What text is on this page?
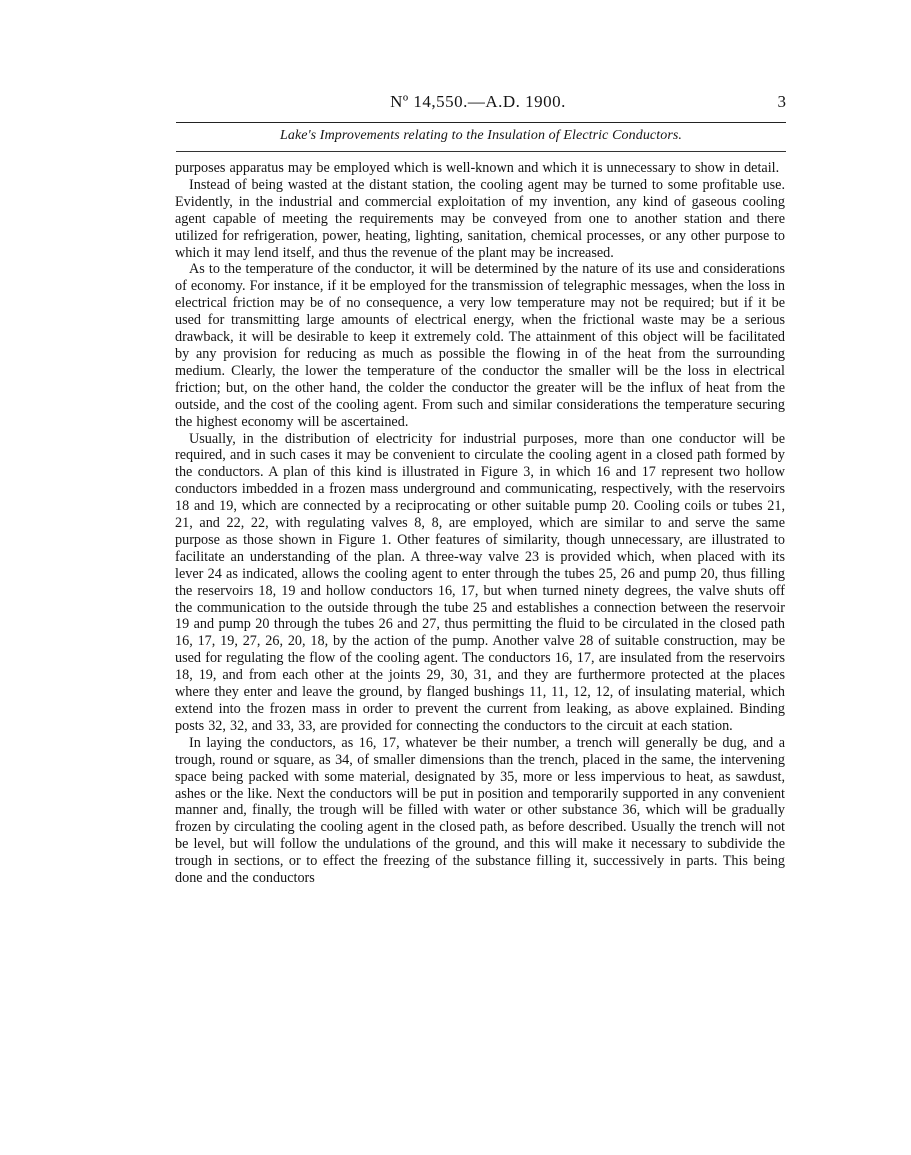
Nº 14,550.—A.D. 1900.	3
Lake's Improvements relating to the Insulation of Electric Conductors.

purposes apparatus may be employed which is well-known and which it is unnecessary to show in detail.

Instead of being wasted at the distant station, the cooling agent may be turned to some profitable use. Evidently, in the industrial and commercial exploitation of my invention, any kind of gaseous cooling agent capable of meeting the requirements may be conveyed from one to another station and there utilized for refrigeration, power, heating, lighting, sanitation, chemical processes, or any other purpose to which it may lend itself, and thus the revenue of the plant may be increased.

As to the temperature of the conductor, it will be determined by the nature of its use and considerations of economy. For instance, if it be employed for the transmission of telegraphic messages, when the loss in electrical friction may be of no consequence, a very low temperature may not be required; but if it be used for transmitting large amounts of electrical energy, when the frictional waste may be a serious drawback, it will be desirable to keep it extremely cold. The attainment of this object will be facilitated by any provision for reducing as much as possible the flowing in of the heat from the surrounding medium. Clearly, the lower the temperature of the conductor the smaller will be the loss in electrical friction; but, on the other hand, the colder the conductor the greater will be the influx of heat from the outside, and the cost of the cooling agent. From such and similar considerations the temperature securing the highest economy will be ascertained.

Usually, in the distribution of electricity for industrial purposes, more than one conductor will be required, and in such cases it may be convenient to circulate the cooling agent in a closed path formed by the conductors. A plan of this kind is illustrated in Figure 3, in which 16 and 17 represent two hollow conductors imbedded in a frozen mass underground and communicating, respectively, with the reservoirs 18 and 19, which are connected by a reciprocating or other suitable pump 20. Cooling coils or tubes 21, 21, and 22, 22, with regulating valves 8, 8, are employed, which are similar to and serve the same purpose as those shown in Figure 1. Other features of similarity, though unnecessary, are illustrated to facilitate an understanding of the plan. A three-way valve 23 is provided which, when placed with its lever 24 as indicated, allows the cooling agent to enter through the tubes 25, 26 and pump 20, thus filling the reservoirs 18, 19 and hollow conductors 16, 17, but when turned ninety degrees, the valve shuts off the communication to the outside through the tube 25 and establishes a connection between the reservoir 19 and pump 20 through the tubes 26 and 27, thus permitting the fluid to be circulated in the closed path 16, 17, 19, 27, 26, 20, 18, by the action of the pump. Another valve 28 of suitable construction, may be used for regulating the flow of the cooling agent. The conductors 16, 17, are insulated from the reservoirs 18, 19, and from each other at the joints 29, 30, 31, and they are furthermore protected at the places where they enter and leave the ground, by flanged bushings 11, 11, 12, 12, of insulating material, which extend into the frozen mass in order to prevent the current from leaking, as above explained. Binding posts 32, 32, and 33, 33, are provided for connecting the conductors to the circuit at each station.

In laying the conductors, as 16, 17, whatever be their number, a trench will generally be dug, and a trough, round or square, as 34, of smaller dimensions than the trench, placed in the same, the intervening space being packed with some material, designated by 35, more or less impervious to heat, as sawdust, ashes or the like. Next the conductors will be put in position and temporarily supported in any convenient manner and, finally, the trough will be filled with water or other substance 36, which will be gradually frozen by circulating the cooling agent in the closed path, as before described. Usually the trench will not be level, but will follow the undulations of the ground, and this will make it necessary to subdivide the trough in sections, or to effect the freezing of the substance filling it, successively in parts. This being done and the conductors
